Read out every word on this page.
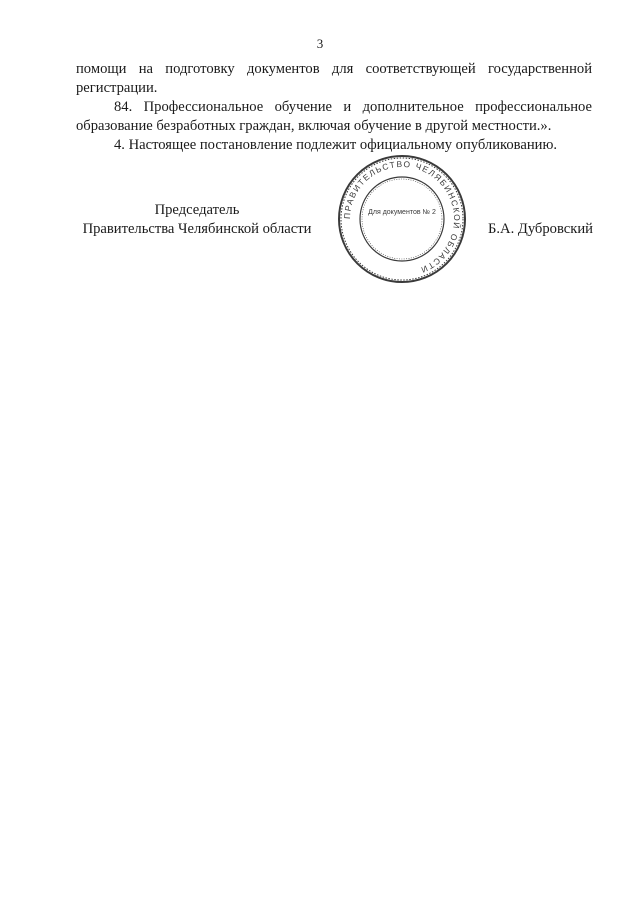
3

помощи на подготовку документов для соответствующей государственной регистрации.

84. Профессиональное обучение и дополнительное профессиональное образование безработных граждан, включая обучение в другой местности.».

4. Настоящее постановление подлежит официальному опубликованию.

Председатель
Правительства Челябинской области
ПРАВИТЕЛЬСТВО ЧЕЛЯБИНСКОЙ ОБЛАСТИ
Для документов № 2
Б.А. Дубровский
